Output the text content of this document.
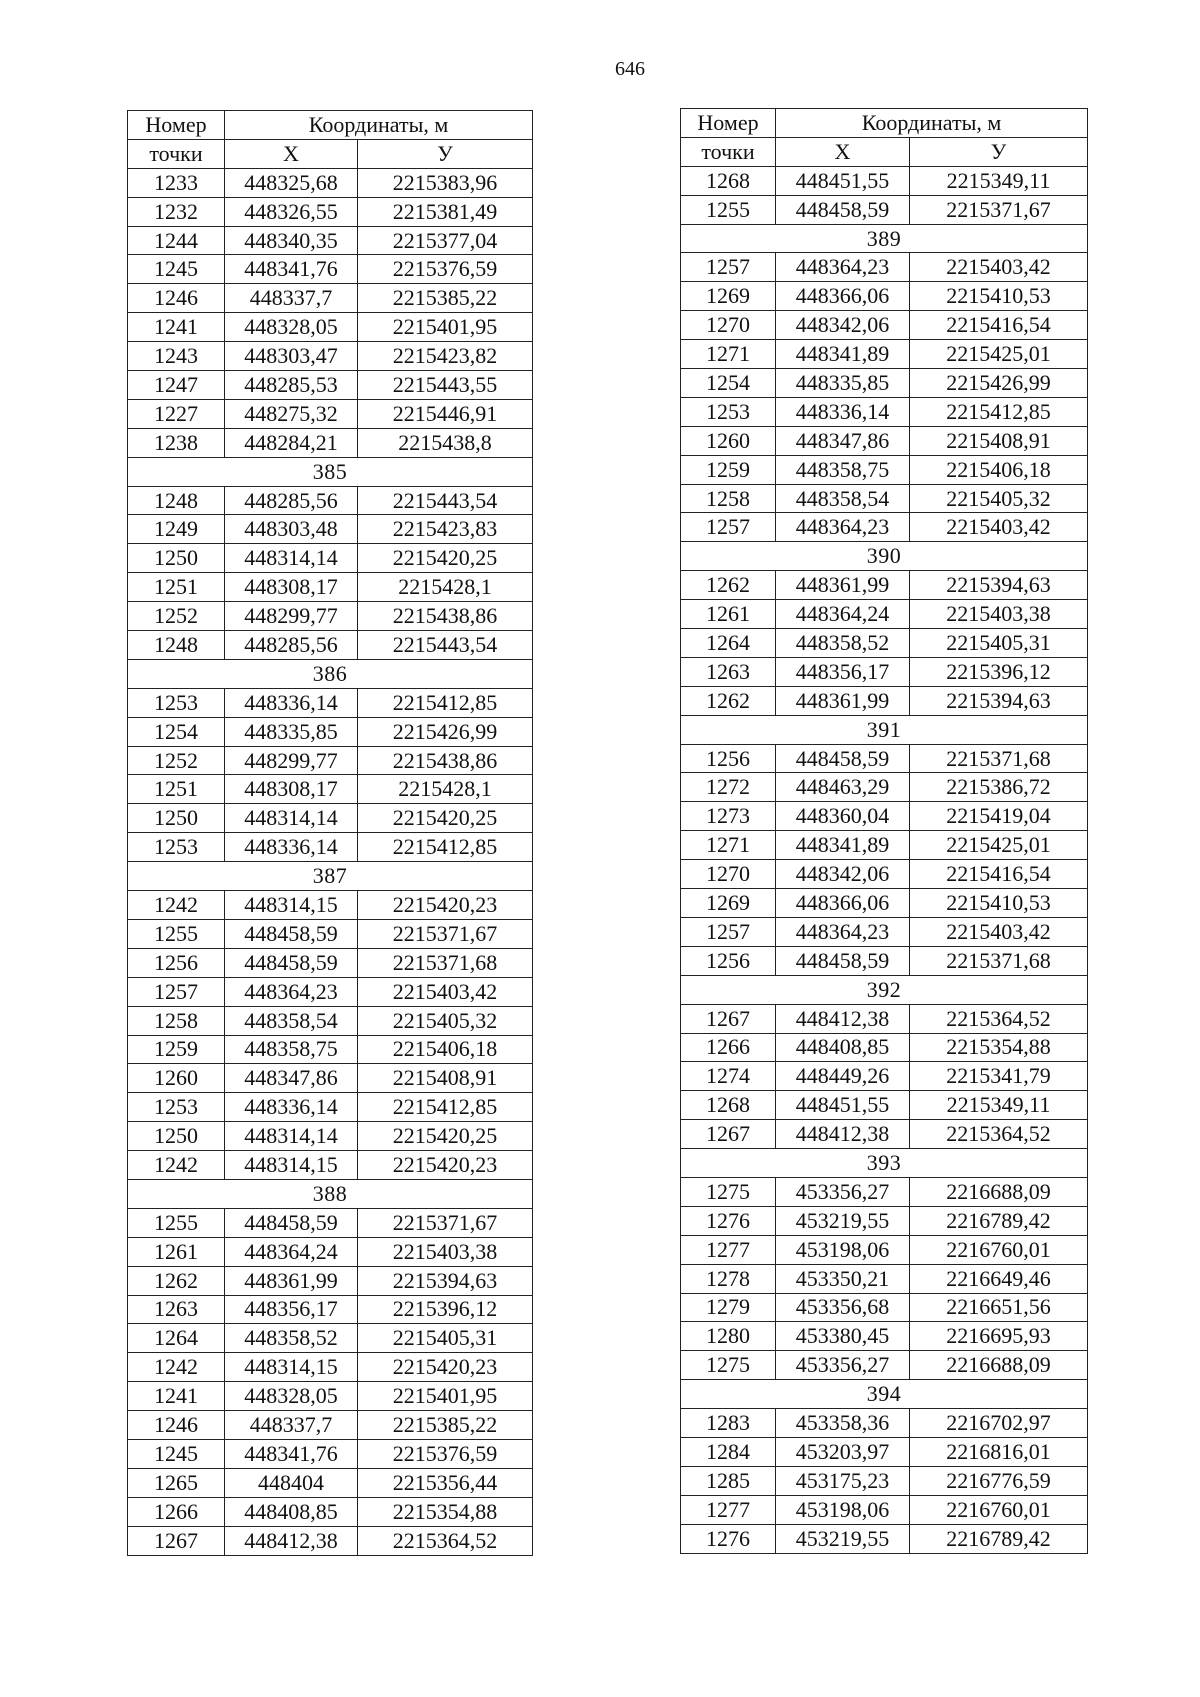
646
Номер	Координаты, м	
точки	X	У
1233	448325,68	2215383,96
1232	448326,55	2215381,49
1244	448340,35	2215377,04
1245	448341,76	2215376,59
1246	448337,7	2215385,22
1241	448328,05	2215401,95
1243	448303,47	2215423,82
1247	448285,53	2215443,55
1227	448275,32	2215446,91
1238	448284,21	2215438,8
385		
1248	448285,56	2215443,54
1249	448303,48	2215423,83
1250	448314,14	2215420,25
1251	448308,17	2215428,1
1252	448299,77	2215438,86
1248	448285,56	2215443,54
386		
1253	448336,14	2215412,85
1254	448335,85	2215426,99
1252	448299,77	2215438,86
1251	448308,17	2215428,1
1250	448314,14	2215420,25
1253	448336,14	2215412,85
387		
1242	448314,15	2215420,23
1255	448458,59	2215371,67
1256	448458,59	2215371,68
1257	448364,23	2215403,42
1258	448358,54	2215405,32
1259	448358,75	2215406,18
1260	448347,86	2215408,91
1253	448336,14	2215412,85
1250	448314,14	2215420,25
1242	448314,15	2215420,23
388		
1255	448458,59	2215371,67
1261	448364,24	2215403,38
1262	448361,99	2215394,63
1263	448356,17	2215396,12
1264	448358,52	2215405,31
1242	448314,15	2215420,23
1241	448328,05	2215401,95
1246	448337,7	2215385,22
1245	448341,76	2215376,59
1265	448404	2215356,44
1266	448408,85	2215354,88
1267	448412,38	2215364,52
Номер	Координаты, м	
точки	X	У
1268	448451,55	2215349,11
1255	448458,59	2215371,67
389		
1257	448364,23	2215403,42
1269	448366,06	2215410,53
1270	448342,06	2215416,54
1271	448341,89	2215425,01
1254	448335,85	2215426,99
1253	448336,14	2215412,85
1260	448347,86	2215408,91
1259	448358,75	2215406,18
1258	448358,54	2215405,32
1257	448364,23	2215403,42
390		
1262	448361,99	2215394,63
1261	448364,24	2215403,38
1264	448358,52	2215405,31
1263	448356,17	2215396,12
1262	448361,99	2215394,63
391		
1256	448458,59	2215371,68
1272	448463,29	2215386,72
1273	448360,04	2215419,04
1271	448341,89	2215425,01
1270	448342,06	2215416,54
1269	448366,06	2215410,53
1257	448364,23	2215403,42
1256	448458,59	2215371,68
392		
1267	448412,38	2215364,52
1266	448408,85	2215354,88
1274	448449,26	2215341,79
1268	448451,55	2215349,11
1267	448412,38	2215364,52
393		
1275	453356,27	2216688,09
1276	453219,55	2216789,42
1277	453198,06	2216760,01
1278	453350,21	2216649,46
1279	453356,68	2216651,56
1280	453380,45	2216695,93
1275	453356,27	2216688,09
394		
1283	453358,36	2216702,97
1284	453203,97	2216816,01
1285	453175,23	2216776,59
1277	453198,06	2216760,01
1276	453219,55	2216789,42
